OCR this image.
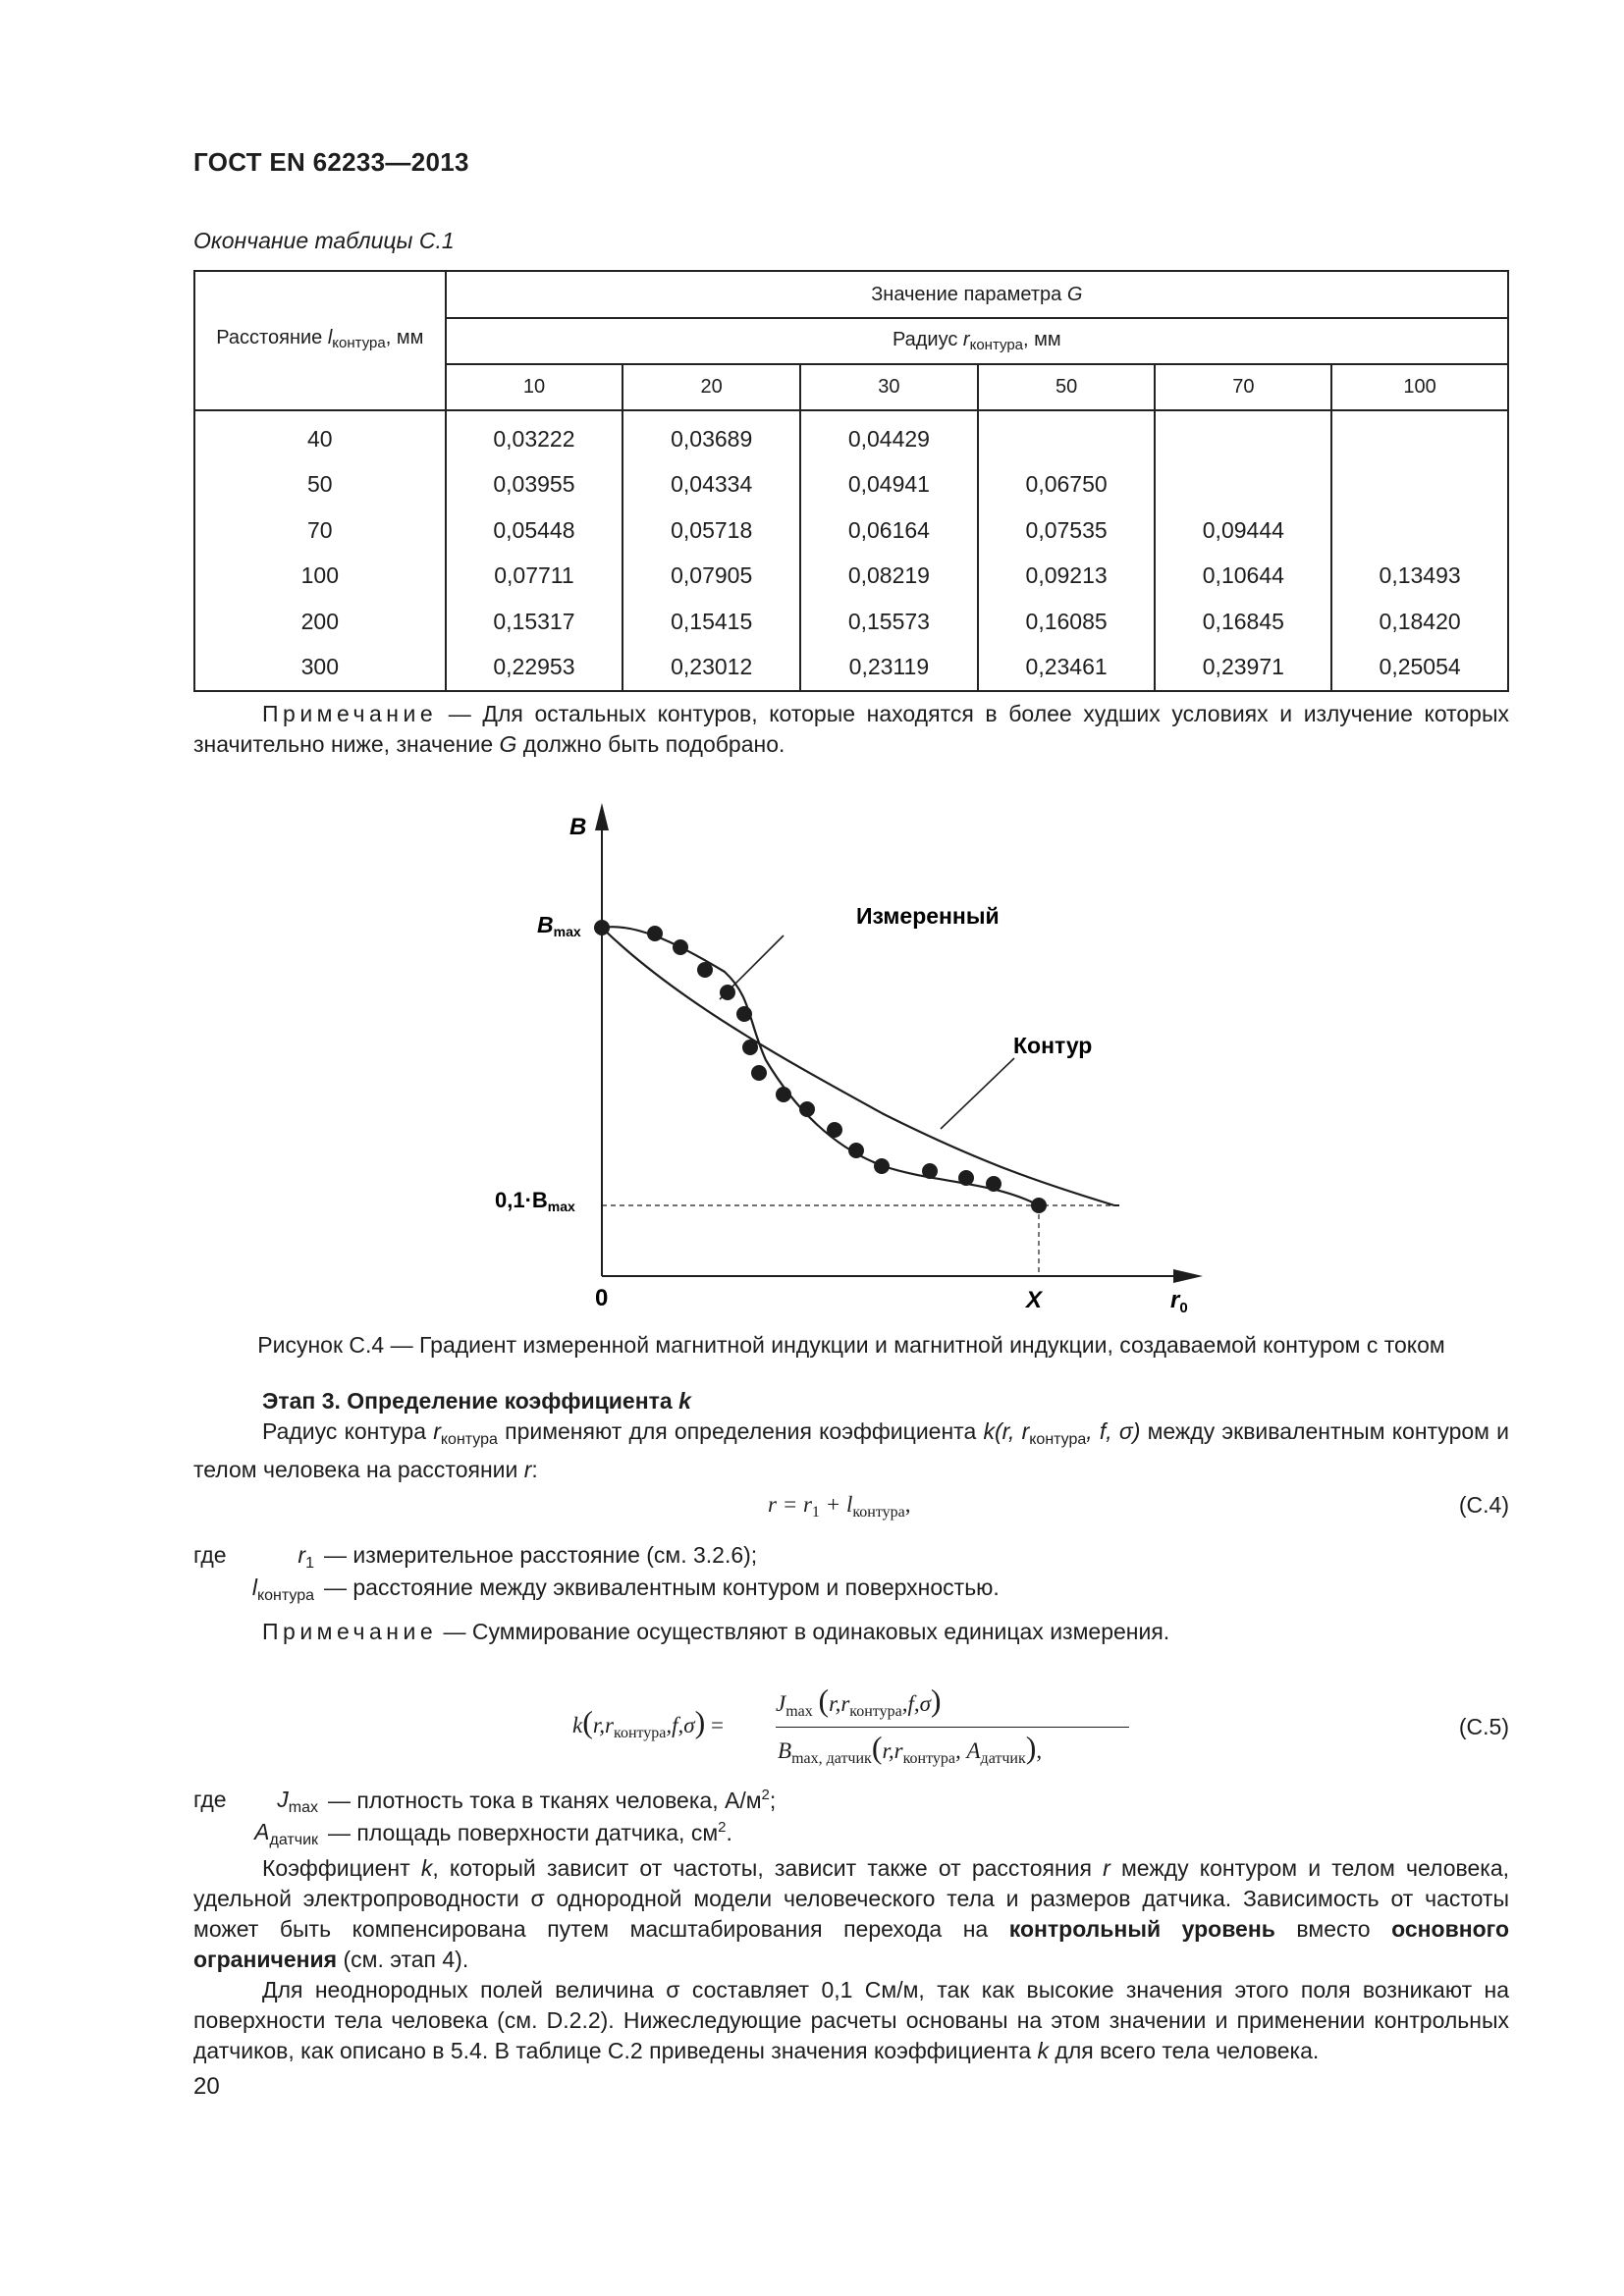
ГОСТ EN 62233—2013
Окончание таблицы С.1
Расстояние $l_{контура}$, мм	Значение параметра G					
	Радиус $r_{контура}$, мм					
	10	20	30	50	70	100

40	0,03222	0,03689	0,04429			
50	0,03955	0,04334	0,04941	0,06750		
70	0,05448	0,05718	0,06164	0,07535	0,09444	
100	0,07711	0,07905	0,08219	0,09213	0,10644	0,13493
200	0,15317	0,15415	0,15573	0,16085	0,16845	0,18420
300	0,22953	0,23012	0,23119	0,23461	0,23971	0,25054
Примечание — Для остальных контуров, которые находятся в более худших условиях и излучение которых значительно ниже, значение G должно быть подобрано.
B
Bmax
0,1·Bmax
0	X	$r_0$
Измеренный
Контур
Рисунок С.4 — Градиент измеренной магнитной индукции и магнитной индукции, создаваемой контуром с током
Этап 3. Определение коэффициента k
Радиус контура $r_{контура}$ применяют для определения коэффициента k(r, $r_{контура}$, f, σ) между эквивалентным контуром и телом человека на расстоянии r:
$r = r_1 + l_{контура}$,	(С.4)
где	$r_1$ — измерительное расстояние (см. 3.2.6);
$l_{контура}$ — расстояние между эквивалентным контуром и поверхностью.
Примечание — Суммирование осуществляют в одинаковых единицах измерения.
$k(r,r_{контура},f,\sigma)$ =
$J_{max}$ $(r,r_{контура},f,\sigma)$
$B_{max, датчик}(r,r_{контура}$, $A_{датчик}$),
(С.5)
где	$J_{max}$ — плотность тока в тканях человека, $А/м^2$;
$A_{датчик}$ — площадь поверхности датчика, $см^2$.
Коэффициент k, который зависит от частоты, зависит также от расстояния r между контуром и телом человека, удельной электропроводности σ однородной модели человеческого тела и размеров датчика. Зависимость от частоты может быть компенсирована путем масштабирования перехода на контрольный уровень вместо основного ограничения (см. этап 4).
Для неоднородных полей величина σ составляет 0,1 См/м, так как высокие значения этого поля возникают на поверхности тела человека (см. D.2.2). Нижеследующие расчеты основаны на этом значении и применении контрольных датчиков, как описано в 5.4. В таблице С.2 приведены значения коэффициента k для всего тела человека.
20
